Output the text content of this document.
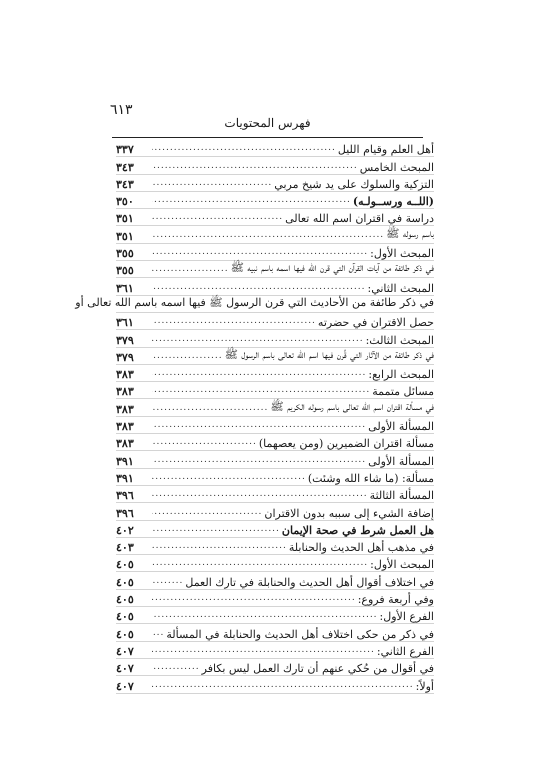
٦١٣
فهرس المحتويات
أهل العلم وقيام الليل
.....
٣٣٧
المبحث الخامس
.....
٣٤٣
التزكية والسلوك على يد شيخ مربي
.....
٣٤٣
(اللــه ورســولـه)
.....
٣٥٠
دراسة في اقتران اسم الله تعالى
.....
٣٥١
باسم رسوله ﷺ
.....
٣٥١
المبحث الأول:
.....
٣٥٥
في ذكر طائفة من آيات القرآن التي قرن الله فيها اسمه باسم نبيه ﷺ
.....
٣٥٥
المبحث الثاني:
.....
٣٦١
في ذكر طائفة من الأحاديث التي قرن الرسول ﷺ فيها اسمه باسم الله تعالى أو
حصل الاقتران في حضرته
.....
٣٦١
المبحث الثالث:
.....
٣٧٩
في ذكر طائفة من الآثار التي قُرن فيها اسم الله تعالى باسم الرسول ﷺ
.....
٣٧٩
المبحث الرابع:
.....
٣٨٣
مسائل متممة
.....
٣٨٣
في مسألة اقتران اسم الله تعالى باسم رسوله الكريم ﷺ
.....
٣٨٣
المسألة الأولى
.....
٣٨٣
مسألة اقتران الضميرين (ومن يعصهما)
.....
٣٨٣
المسألة الأولى
.....
٣٩١
مسألة: (ما شاء الله وشئت)
.....
٣٩١
المسألة الثالثة
.....
٣٩٦
إضافة الشيء إلى سببه بدون الاقتران
.....
٣٩٦
هل العمل شرط في صحة الإيمان
.....
٤٠٢
في مذهب أهل الحديث والحنابلة
.....
٤٠٣
المبحث الأول:
.....
٤٠٥
في اختلاف أقوال أهل الحديث والحنابلة في تارك العمل
.....
٤٠٥
وفي أربعة فروع:
.....
٤٠٥
الفرع الأول:
.....
٤٠٥
في ذكر من حكى اختلاف أهل الحديث والحنابلة في المسألة
.....
٤٠٥
الفرع الثاني:
.....
٤٠٧
في أقوال من حُكي عنهم أن تارك العمل ليس بكافر
.....
٤٠٧
أولاً:
.....
٤٠٧
